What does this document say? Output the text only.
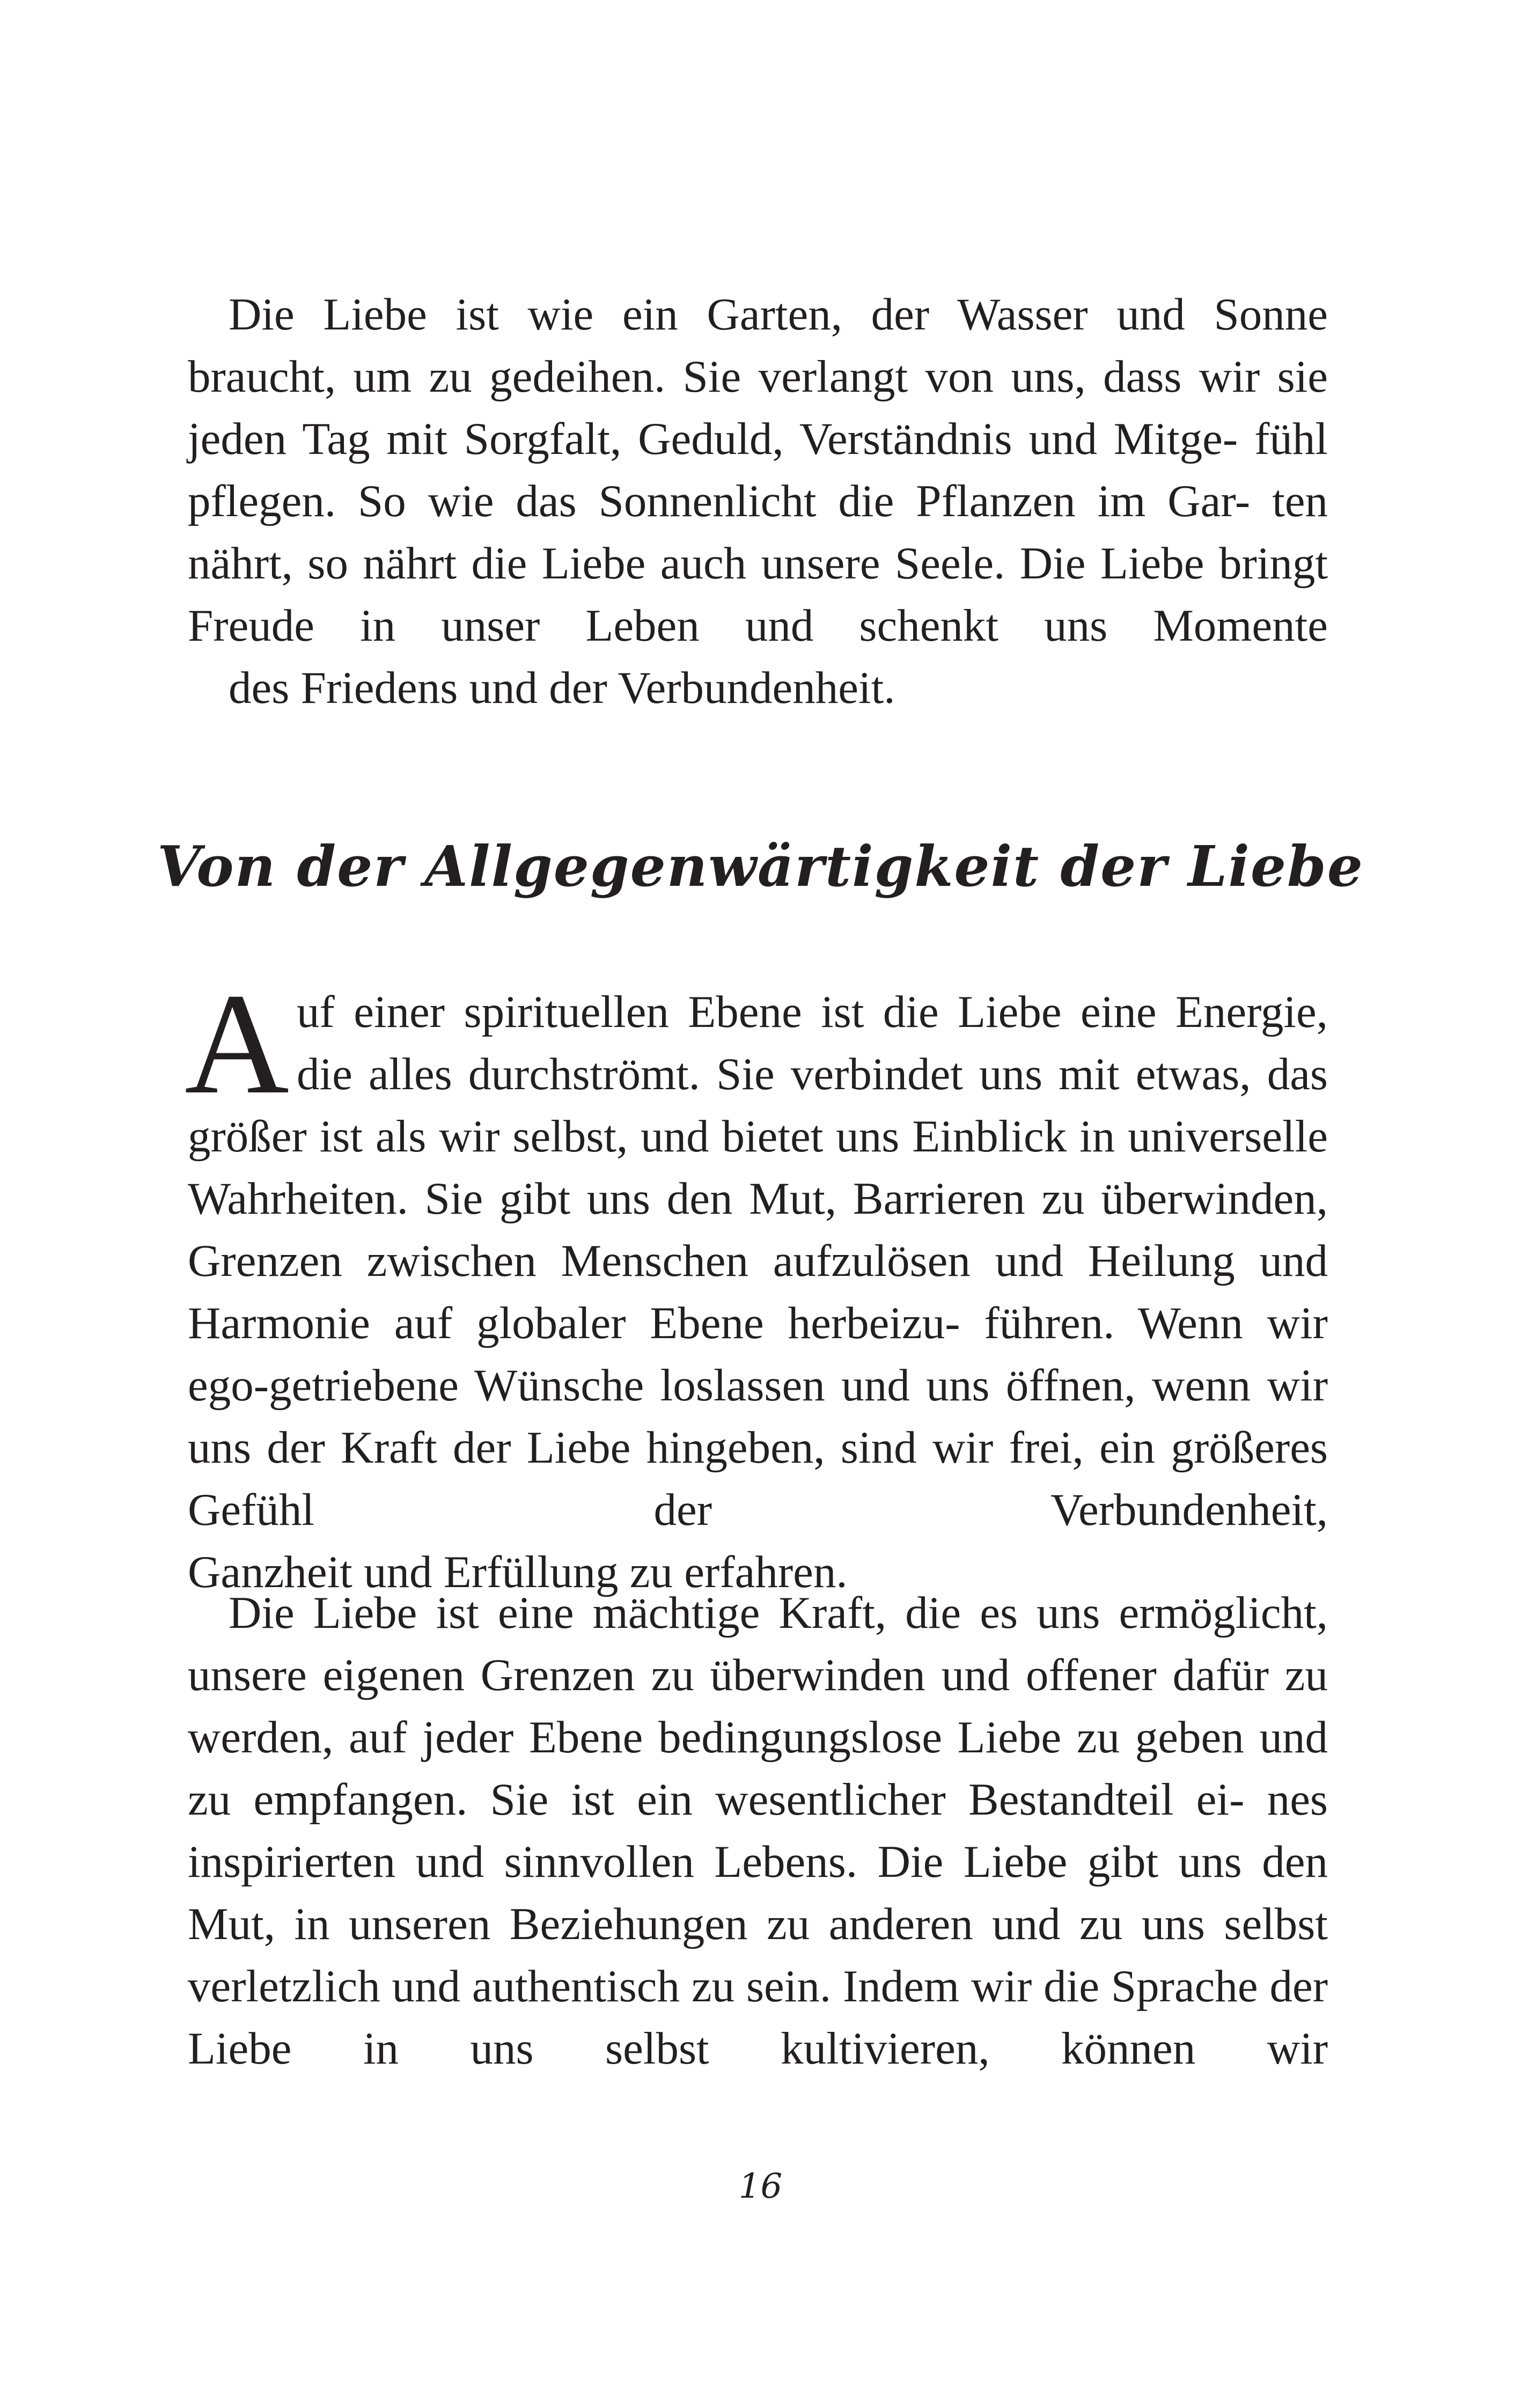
Die Liebe ist wie ein Garten, der Wasser und Sonne braucht, um zu gedeihen. Sie verlangt von uns, dass wir sie jeden Tag mit Sorgfalt, Geduld, Verständnis und Mitge- fühl pflegen. So wie das Sonnenlicht die Pflanzen im Gar- ten nährt, so nährt die Liebe auch unsere Seele. Die Liebe bringt Freude in unser Leben und schenkt uns Momente
des Friedens und der Verbundenheit.

Von der Allgegenwärtigkeit der Liebe

A uf einer spirituellen Ebene ist die Liebe eine Energie, die alles durchströmt. Sie verbindet uns mit etwas, das größer ist als wir selbst, und bietet uns Einblick in universelle Wahrheiten. Sie gibt uns den Mut, Barrieren zu überwinden, Grenzen zwischen Menschen aufzulösen und Heilung und Harmonie auf globaler Ebene herbeizu- führen. Wenn wir ego-getriebene Wünsche loslassen und uns öffnen, wenn wir uns der Kraft der Liebe hingeben, sind wir frei, ein größeres Gefühl der Verbundenheit,
Ganzheit und Erfüllung zu erfahren.

Die Liebe ist eine mächtige Kraft, die es uns ermöglicht, unsere eigenen Grenzen zu überwinden und offener dafür zu werden, auf jeder Ebene bedingungslose Liebe zu geben und zu empfangen. Sie ist ein wesentlicher Bestandteil ei- nes inspirierten und sinnvollen Lebens. Die Liebe gibt uns den Mut, in unseren Beziehungen zu anderen und zu uns selbst verletzlich und authentisch zu sein. Indem wir die Sprache der Liebe in uns selbst kultivieren, können wir

16
